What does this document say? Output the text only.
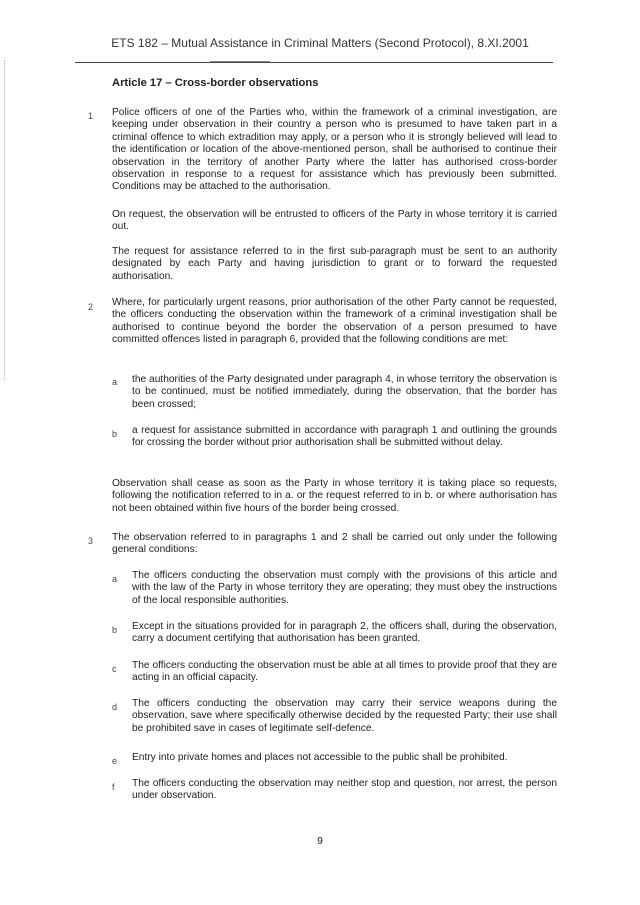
ETS 182 – Mutual Assistance in Criminal Matters (Second Protocol), 8.XI.2001
Article 17 – Cross-border observations
1 Police officers of one of the Parties who, within the framework of a criminal investigation, are keeping under observation in their country a person who is presumed to have taken part in a criminal offence to which extradition may apply, or a person who it is strongly believed will lead to the identification or location of the above-mentioned person, shall be authorised to continue their observation in the territory of another Party where the latter has authorised cross-border observation in response to a request for assistance which has previously been submitted. Conditions may be attached to the authorisation.
On request, the observation will be entrusted to officers of the Party in whose territory it is carried out.
The request for assistance referred to in the first sub-paragraph must be sent to an authority designated by each Party and having jurisdiction to grant or to forward the requested authorisation.
2 Where, for particularly urgent reasons, prior authorisation of the other Party cannot be requested, the officers conducting the observation within the framework of a criminal investigation shall be authorised to continue beyond the border the observation of a person presumed to have committed offences listed in paragraph 6, provided that the following conditions are met:
a the authorities of the Party designated under paragraph 4, in whose territory the observation is to be continued, must be notified immediately, during the observation, that the border has been crossed;
b a request for assistance submitted in accordance with paragraph 1 and outlining the grounds for crossing the border without prior authorisation shall be submitted without delay.
Observation shall cease as soon as the Party in whose territory it is taking place so requests, following the notification referred to in a. or the request referred to in b. or where authorisation has not been obtained within five hours of the border being crossed.
3 The observation referred to in paragraphs 1 and 2 shall be carried out only under the following general conditions:
a The officers conducting the observation must comply with the provisions of this article and with the law of the Party in whose territory they are operating; they must obey the instructions of the local responsible authorities.
b Except in the situations provided for in paragraph 2, the officers shall, during the observation, carry a document certifying that authorisation has been granted.
c The officers conducting the observation must be able at all times to provide proof that they are acting in an official capacity.
d The officers conducting the observation may carry their service weapons during the observation, save where specifically otherwise decided by the requested Party; their use shall be prohibited save in cases of legitimate self-defence.
e Entry into private homes and places not accessible to the public shall be prohibited.
f The officers conducting the observation may neither stop and question, nor arrest, the person under observation.
9
